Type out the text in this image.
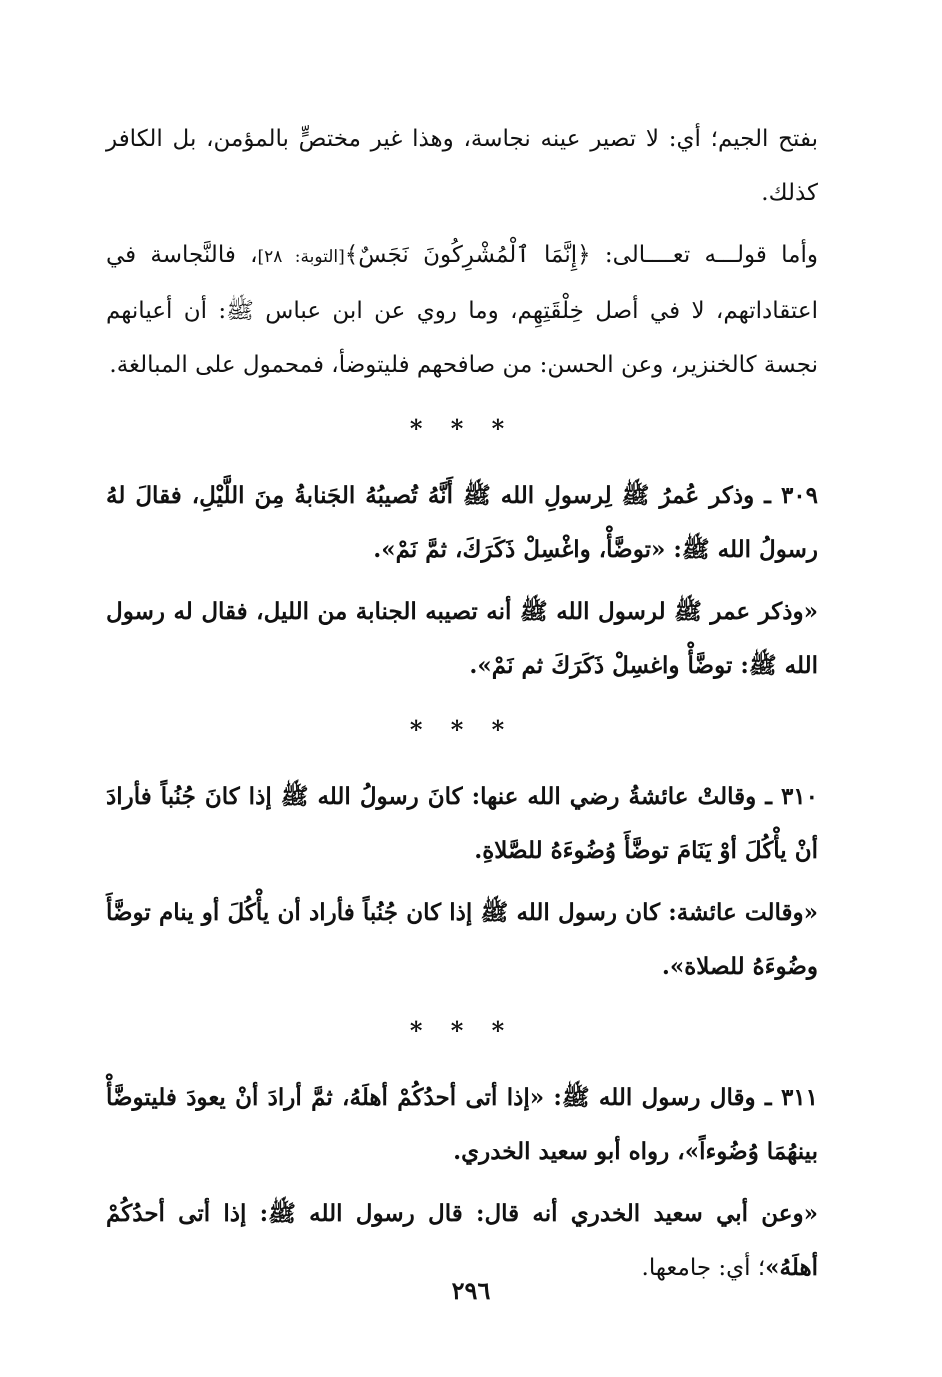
بفتح الجيم؛ أي: لا تصير عينه نجاسة، وهذا غير مختصٍّ بالمؤمن، بل الكافر كذلك.

وأما قولـــه تعــــالى: ﴿إِنَّمَا ٱلْمُشْرِكُونَ نَجَسٌ﴾[التوبة: ٢٨]، فالنَّجاسة في اعتقاداتهم، لا في أصل خِلْقَتِهِم، وما روي عن ابن عباس ﷺ: أن أعيانهم نجسة كالخنزير، وعن الحسن: من صافحهم فليتوضأ، فمحمول على المبالغة.

* * *

٣٠٩ ـ وذكر عُمرُ ﷺ لِرسولِ الله ﷺ أَنَّهُ تُصيبُهُ الجَنابةُ مِنَ اللَّيْلِ، فقالَ لهُ رسولُ الله ﷺ: «توضَّأْ، واغْسِلْ ذَكَرَكَ، ثمَّ نَمْ».

«وذكر عمر ﷺ لرسول الله ﷺ أنه تصيبه الجنابة من الليل، فقال له رسول الله ﷺ: توضَّأْ واغسِلْ ذَكَرَكَ ثم نَمْ».

* * *

٣١٠ ـ وقالتْ عائشةُ رضي الله عنها: كانَ رسولُ الله ﷺ إذا كانَ جُنُباً فأرادَ أنْ يأْكُلَ أوْ يَنَامَ توضَّأَ وُضُوءَهُ للصَّلاةِ.

«وقالت عائشة: كان رسول الله ﷺ إذا كان جُنُباً فأراد أن يأْكُلَ أو ينام توضَّأَ وضُوءَهُ للصلاة».

* * *

٣١١ ـ وقال رسول الله ﷺ: «إذا أتى أحدُكُمْ أهلَهُ، ثمَّ أرادَ أنْ يعودَ فليتوضَّأْ بينهُمَا وُضُوءاً»، رواه أبو سعيد الخدري.

«وعن أبي سعيد الخدري أنه قال: قال رسول الله ﷺ: إذا أتى أحدُكُمْ أهلَهُ»؛ أي: جامعها.

٢٩٦
